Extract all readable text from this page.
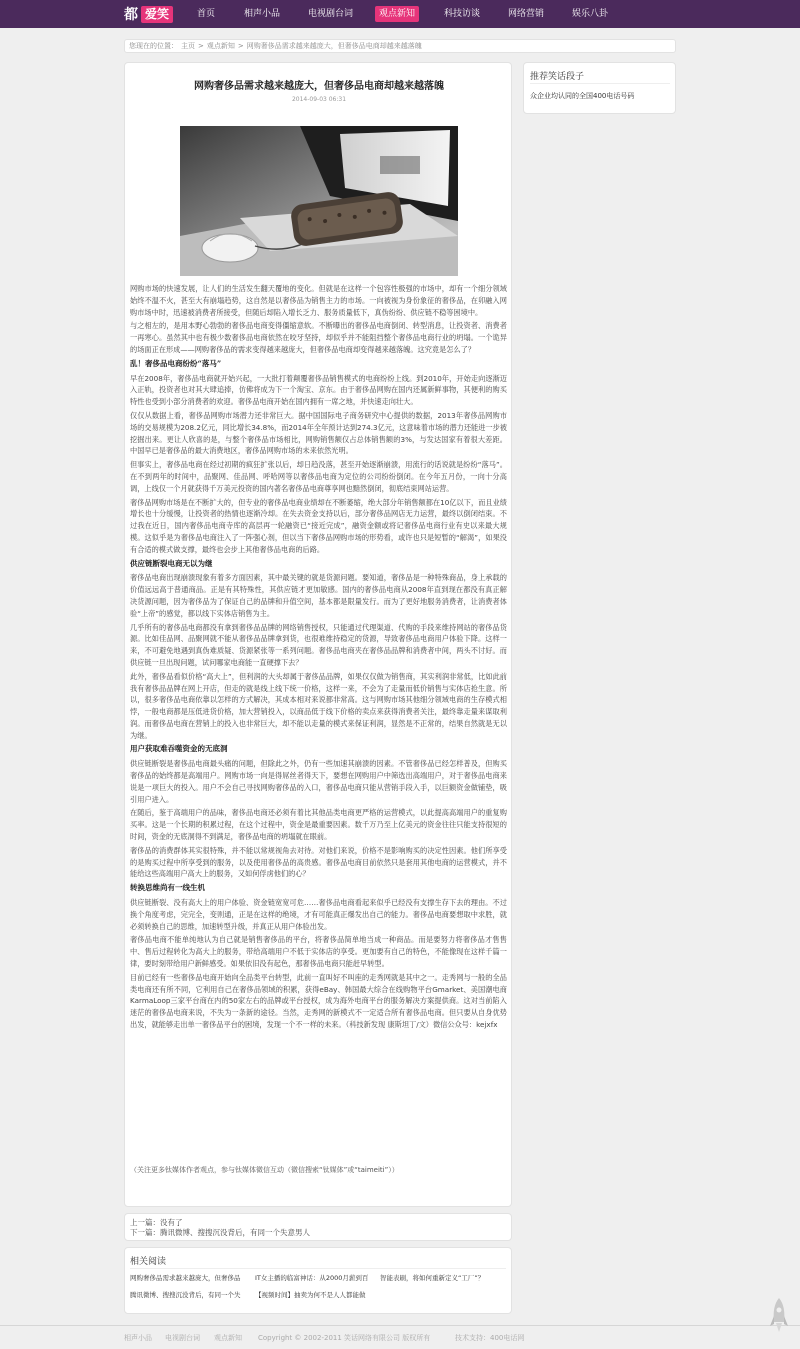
都 爱笑	首页	相声小品	电视剧台词	观点新知	科技访谈	网络营销	娱乐八卦
您现在的位置： 主页 > 观点新知 > 网购奢侈品需求越来越庞大，但奢侈品电商却越来越落魄
网购奢侈品需求越来越庞大，但奢侈品电商却越来越落魄
2014-09-03 06:31

网购市场的快速发展，让人们的生活发生翻天覆地的变化。但就是在这样一个包容性极强的市场中，却有一个细分领域始终不温不火，甚至大有崩塌趋势，这自然是以奢侈品为销售主力的市场。一向被视为身份象征的奢侈品，在卯融入网购市场中时，迅速被消费者所接受，但随后却陷入增长乏力、服务质量低下，真伪纷纷、供应链不稳等困境中。

与之相左的，是用本野心勃勃的奢侈品电商变得僵缩意软。不断曝出的奢侈品电商倒闭、转型消息，让投资者、消费者一再寒心。虽然其中也有极少数奢侈品电商依然在咬牙坚持，却似乎并不能阻挡整个奢侈品电商行业的坍塌。一个诡异的场面正在形成——网购奢侈品的需求变得越来越庞大，但奢侈品电商却变得越来越落魄。这究竟是怎么了？

乱！奢侈品电商纷纷“落马”

早在2008年，奢侈品电商就开始兴起，一大批打着颠覆奢侈品销售模式的电商纷纷上线。到2010年，开始走向逐渐迈入正轨，投资者也对其大肆追捧，仿佛将成为下一个淘宝、京东。由于奢侈品网购在国内还属新鲜事物，其便利的购买特性也受到小部分消费者的欢迎。奢侈品电商开始在国内拥有一席之地，并快速走向壮大。

仅仅从数据上看，奢侈品网购市场潜力还非常巨大。据中国国际电子商务研究中心提供的数据，2013年奢侈品网购市场的交易规模为208.2亿元，同比增长34.8%，而2014年全年预计达到274.3亿元，这意味着市场的潜力还能进一步被挖掘出来。更让人欣喜的是，与整个奢侈品市场相比，网购销售额仅占总体销售额的3%，与发达国家有着很大差距。中国早已是奢侈品的最大消费地区，奢侈品网购市场的未来依然光明。

但事实上，奢侈品电商在经过初期的疯狂扩张以后，却日趋没落，甚至开始逐渐崩溃，用流行的话说就是纷纷“落马”。在不到两年的时间中，品聚网、佳品网、呼哈网等以奢侈品电商为定位的公司纷纷倒闭。在今年五月份，一向十分高调，上线仅一个月就获得千万美元投资的国内著名奢侈品电商尊享网也黯然倒闭，彻底结束网站运营。

奢侈品网购市场是在不断扩大的，但专业的奢侈品电商业绩却在不断萎缩，绝大部分年销售额都在10亿以下，而且业绩增长也十分缓慢，让投资者的热情也逐渐冷却。在失去资金支持以后，部分奢侈品网店无力运营，最终以倒闭结束。不过我在近日，国内奢侈品电商寺库的高层再一轮融资已“接近完成”，融资金额或将记奢侈品电商行业有史以来最大规模。这似乎是为奢侈品电商注入了一阵强心剂，但以当下奢侈品网购市场的形势看，或许也只是短暂的“解渴”，如果没有合适的模式做支撑，最终也会步上其他奢侈品电商的后路。

供应链断裂电商无以为继

奢侈品电商出现崩溃现象有着多方面因素，其中最关键的就是货源问题。要知道，奢侈品是一种特殊商品，身上承载的价值远远高于普通商品。正是有其特殊性，其供应链才更加敏感。国内的奢侈品电商从2008年直到现在都没有真正解决货源问题，因为奢侈品为了保证自己的品牌和升值空间，基本都是限量发行。而为了更好地服务消费者，让消费者体验“上帝”的感觉，都以线下实体店销售为主。

几乎所有的奢侈品电商都没有拿到奢侈品品牌的网络销售授权，只能通过代理渠道、代购的手段来维持网站的奢侈品货源。比如佳品网、品聚网就不能从奢侈品品牌拿到货，也很难维持稳定的货源，导致奢侈品电商用户体验下降。这样一来，不可避免地遇到真伪难质疑、货源紧张等一系列问题。奢侈品电商夹在奢侈品品牌和消费者中间，两头不讨好。而供应链一旦出现问题，试问哪家电商能一直硬撑下去？

此外，奢侈品看似价格“高大上”，但利润的大头却属于奢侈品品牌，如果仅仅做为销售商，其实利润非常低，比如此前我有奢侈品品牌在网上开店，但走的就是线上线下统一价格，这样一来，不会为了走量而低价销售与实体店抢生意。所以，很多奢侈品电商依靠以怎样的方式解决，其成本相对来说都非常高。这与网购市场其他细分领域电商的生存模式相悖，一般电商都是压低进货价格，加大营销投入，以商品低于线下价格的卖点来获得消费者关注，最终靠走量来谋取利润。而奢侈品电商在营销上的投入也非常巨大，却不能以走量的模式来保证利润，显然是不正常的，结果自然就是无以为继。

用户获取难吞噬资金的无底洞

供应链断裂是奢侈品电商最头痛的问题，但除此之外，仍有一些加速其崩溃的因素。不管奢侈品已经怎样普及，但购买奢侈品的始终都是高端用户。网购市场一向是得屌丝者得天下，要想在网购用户中筛选出高端用户，对于奢侈品电商来说是一项巨大的投入。用户不会自己寻找网购奢侈品的入口，奢侈品电商只能从营销手段入手，以巨额资金做铺垫，吸引用户进入。

在随后，鉴于高端用户的品味，奢侈品电商还必须有着比其他品类电商更严格的运营模式，以此提高高端用户的重复购买率。这是一个长期的积累过程，在这个过程中，资金是最重要因素。数千万乃至上亿美元的资金往往只能支持很短的时间，资金的无底洞得不到满足，奢侈品电商的坍塌就在眼前。

奢侈品的消费群体其实很特殊，并不能以常规视角去对待。对他们来说，价格不是影响购买的决定性因素。他们所享受的是购买过程中所享受到的服务，以及使用奢侈品的高贵感。奢侈品电商目前依然只是套用其他电商的运营模式，并不能给这些高端用户高大上的服务，又如何俘虏他们的心？

转换思维尚有一线生机

供应链断裂、没有高大上的用户体验、资金链宽宽可危……奢侈品电商看起来似乎已经没有支撑生存下去的理由。不过换个角度考虑，完完全，变则通，正是在这样的绝境，才有可能真正爆发出自己的能力。奢侈品电商要想取中求胜，就必须转换自己的思维，加速转型升级，并真正从用户体验出发。

奢侈品电商不能单纯地认为自己就是销售奢侈品的平台，将奢侈品简单地当成一种商品。而是要努力将奢侈品才售售中、售后过程转化为高大上的服务，带给高端用户不低于实体店的享受。更加要有自己的特色，不能像现在这样千篇一律，要时刻带给用户新鲜感受。如果依旧没有起色，那奢侈品电商只能赶早转型。

目前已经有一些奢侈品电商开始向全品类平台转型，此前一直叫好不叫座的走秀网就是其中之一。走秀网与一般的全品类电商还有所不同，它利用自己在奢侈品领域的积累，获得eBay、韩国最大综合在线购物平台Gmarket、美国潮电商KarmaLoop三家平台商在内的50家左右的品牌或平台授权，成为海外电商平台的服务解决方案提供商。这对当前陷入迷茫的奢侈品电商来说，不失为一条新的途径。当然，走秀网的新模式不一定适合所有奢侈品电商。但只要从自身优势出发，就能够走出单一奢侈品平台的困境，发现一个不一样的未来。（科技新发现 康斯坦丁/文）微信公众号：kejxfx

（关注更多钛媒体作者观点，参与钛媒体微信互动（微信搜索“钛媒体”或“taimeiti”））
上一篇：没有了
下一篇：腾讯微博、搜搜沉没背后，有同一个失意男人
相关阅读
网购奢侈品需求越来越庞大，但奢侈品 IT女主播的临富神话：从2000月薪到百 智能表刷，将如何重新定义“工厂”？
腾讯微博、搜搜沉没背后，有同一个失 【视频时间】抽卖为何不是人人都能做
推荐笑话段子
众企业均认同的全国400电话号码
相声小品 电视剧台词 观点新知 Copyright © 2002-2011 笑话网络有限公司 版权所有	技术支持：400电话网
